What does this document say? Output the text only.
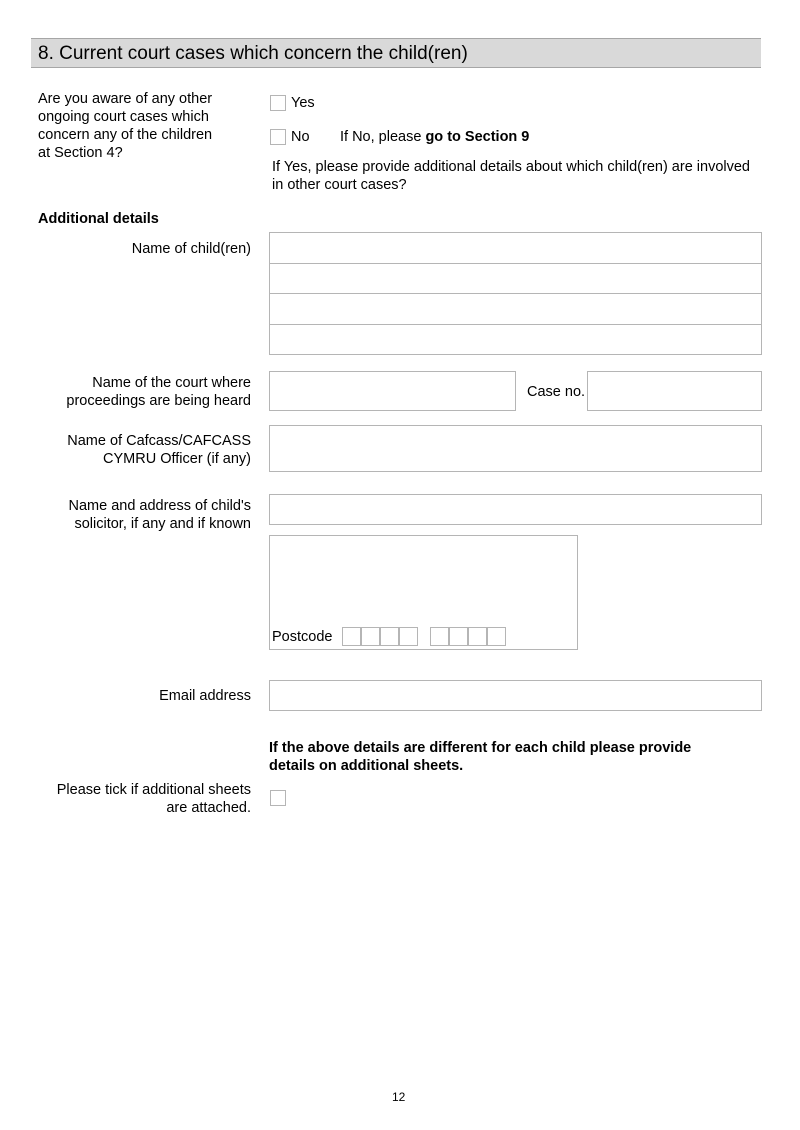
8. Current court cases which concern the child(ren)
Are you aware of any other ongoing court cases which concern any of the children at Section 4?
Yes
No If No, please go to Section 9
If Yes, please provide additional details about which child(ren) are involved in other court cases?
Additional details
Name of child(ren)
Name of the court where proceedings are being heard
Case no.
Name of Cafcass/CAFCASS CYMRU Officer (if any)
Name and address of child's solicitor, if any and if known
Postcode
Email address
If the above details are different for each child please provide details on additional sheets.
Please tick if additional sheets are attached.
12
